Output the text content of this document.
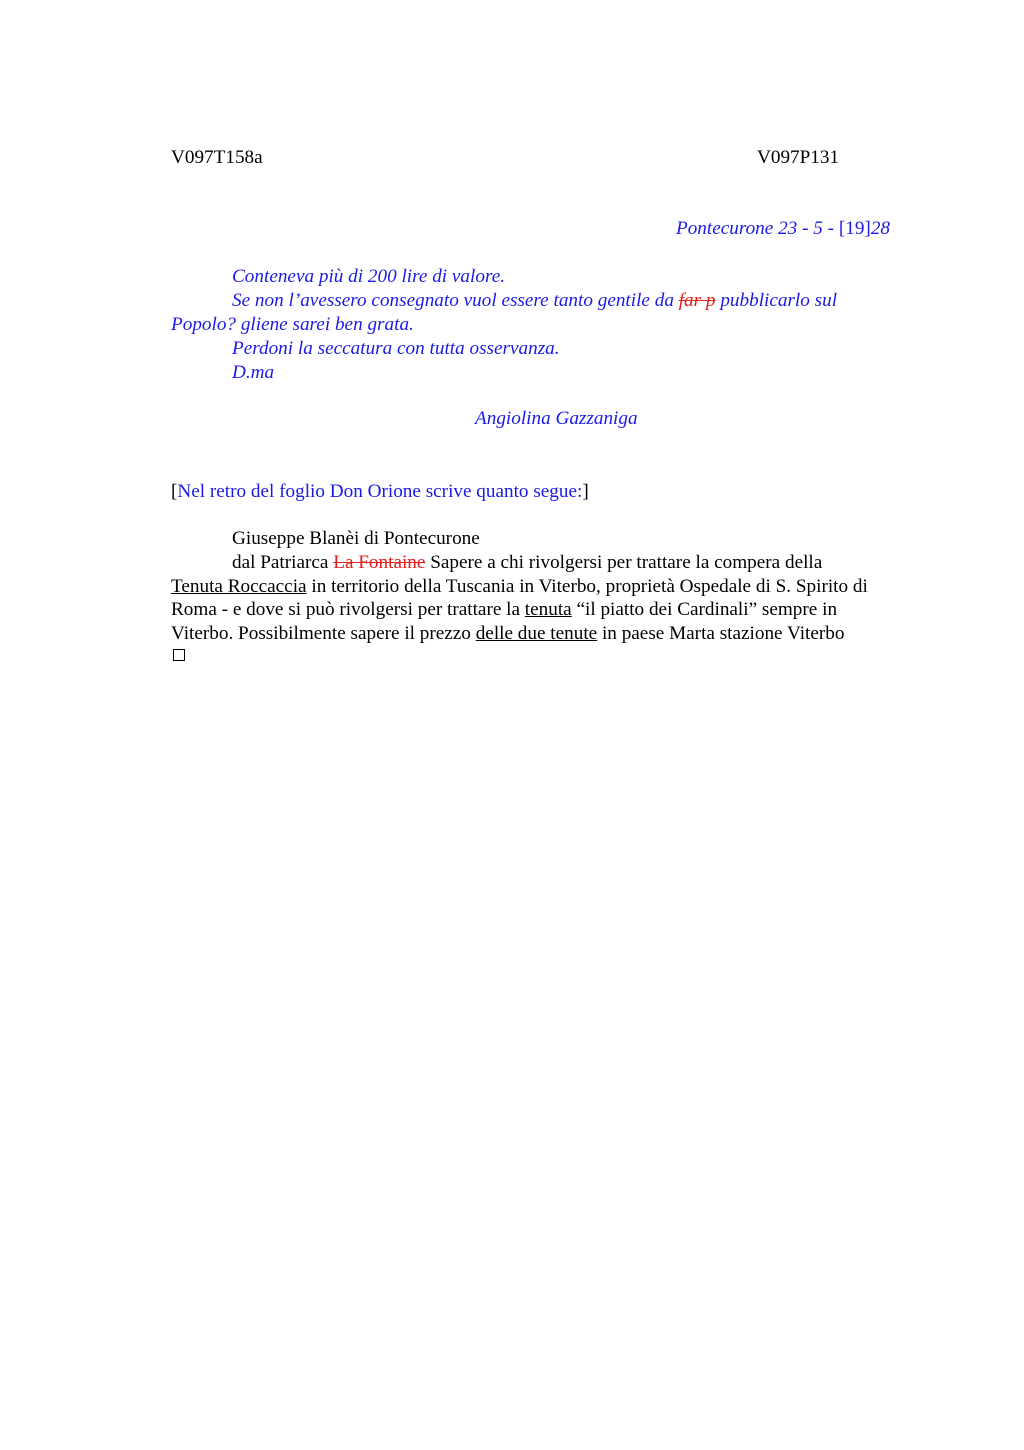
V097T158a	V097P131
Pontecurone 23 - 5 - [19]28
Conteneva più di 200 lire di valore.
Se non l’avessero consegnato vuol essere tanto gentile da far p pubblicarlo sul
Popolo? gliene sarei ben grata.
Perdoni la seccatura con tutta osservanza.
D.ma
Angiolina Gazzaniga
[Nel retro del foglio Don Orione scrive quanto segue:]
Giuseppe Blanèi di Pontecurone
dal Patriarca La Fontaine Sapere a chi rivolgersi per trattare la compera della
Tenuta Roccaccia in territorio della Tuscania in Viterbo, proprietà Ospedale di S. Spirito di
Roma - e dove si può rivolgersi per trattare la tenuta “il piatto dei Cardinali” sempre in
Viterbo. Possibilmente sapere il prezzo delle due tenute in paese Marta stazione Viterbo
